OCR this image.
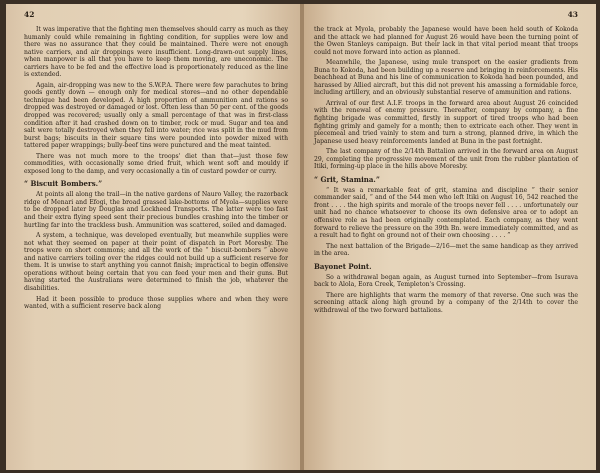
42

It was imperative that the fighting men themselves should carry as much as they humanly could while remaining in fighting condition, for supplies were low and there was no assurance that they could be maintained. There were not enough native carriers, and air droppings were insufficient. Long-drawn-out supply lines, when manpower is all that you have to keep them moving, are uneconomic. The carriers have to be fed and the effective load is proportionately reduced as the line is extended.

Again, air-dropping was new to the S.W.P.A. There were few parachutes to bring goods gently down — enough only for medical stores—and no other dependable technique had been developed. A high proportion of ammunition and rations so dropped was destroyed or damaged or lost. Often less than 50 per cent. of the goods dropped was recovered; usually only a small percentage of that was in first-class condition after it had crashed down on to timber, rock or mud. Sugar and tea and salt were totally destroyed when they fell into water; rice was split in the mud from burst bags; biscuits in their square tins were pounded into powder mixed with tattered paper wrappings; bully-beef tins were punctured and the meat tainted.

There was not much more to the troops' diet than that—just those few commodities, with occasionally some dried fruit, which went soft and mouldy if exposed long to the damp, and very occasionally a tin of custard powder or curry.

“ Biscuit Bombers.”

At points all along the trail—in the native gardens of Nauro Valley, the razorback ridge of Menari and Efogi, the broad grassed lake-bottoms of Myola—supplies were to be dropped later by Douglas and Lockheed Transports. The latter were too fast and their extra flying speed sent their precious bundles crashing into the timber or hurtling far into the trackless bush. Ammunition was scattered, soiled and damaged.

A system, a technique, was developed eventually, but meanwhile supplies were not what they seemed on paper at their point of dispatch in Port Moresby. The troops were on short commons; and all the work of the “ biscuit-bombers ” above and native carriers toiling over the ridges could not build up a sufficient reserve for them. It is unwise to start anything you cannot finish; impractical to begin offensive operations without being certain that you can feed your men and their guns. But having started the Australians were determined to finish the job, whatever the disabilities.

Had it been possible to produce those supplies where and when they were wanted, with a sufficient reserve back along

43

the track at Myola, probably the Japanese would have been held south of Kokoda and the attack we had planned for August 26 would have been the turning point of the Owen Stanleys campaign. But their lack in that vital period meant that troops could not move forward into action as planned.

Meanwhile, the Japanese, using mule transport on the easier gradients from Buna to Kokoda, had been building up a reserve and bringing in reinforcements. His beachhead at Buna and his line of communication to Kokoda had been pounded, and harassed by Allied aircraft, but this did not prevent his amassing a formidable force, including artillery, and an obviously substantial reserve of ammunition and rations.

Arrival of our first A.I.F. troops in the forward area about August 26 coincided with the renewal of enemy pressure. Thereafter, company by company, a fine fighting brigade was committed, firstly in support of tired troops who had been fighting grimly and gamely for a month; then to extricate each other. They went in piecemeal and tried vainly to stem and turn a strong, planned drive, in which the Japanese used heavy reinforcements landed at Buna in the past fortnight.

The last company of the 2/14th Battalion arrived in the forward area on August 29, completing the progressive movement of the unit from the rubber plantation of Itiki, forming-up place in the hills above Moresby.

“ Grit, Stamina.”

“ It was a remarkable feat of grit, stamina and discipline ” their senior commander said, “ and of the 544 men who left Itiki on August 16, 542 reached the front . . . . the high spirits and morale of the troops never fell . . . . unfortunately our unit had no chance whatsoever to choose its own defensive area or to adopt an offensive role as had been originally contemplated. Each company, as they went forward to relieve the pressure on the 39th Bn. were immediately committed, and as a result had to fight on ground not of their own choosing . . . . ”

The next battalion of the Brigade—2/16—met the same handicap as they arrived in the area.

Bayonet Point.

So a withdrawal began again, as August turned into September—from Isurava back to Alola, Eora Creek, Templeton's Crossing.

There are highlights that warm the memory of that reverse. One such was the screening attack along high ground by a company of the 2/14th to cover the withdrawal of the two forward battalions.
